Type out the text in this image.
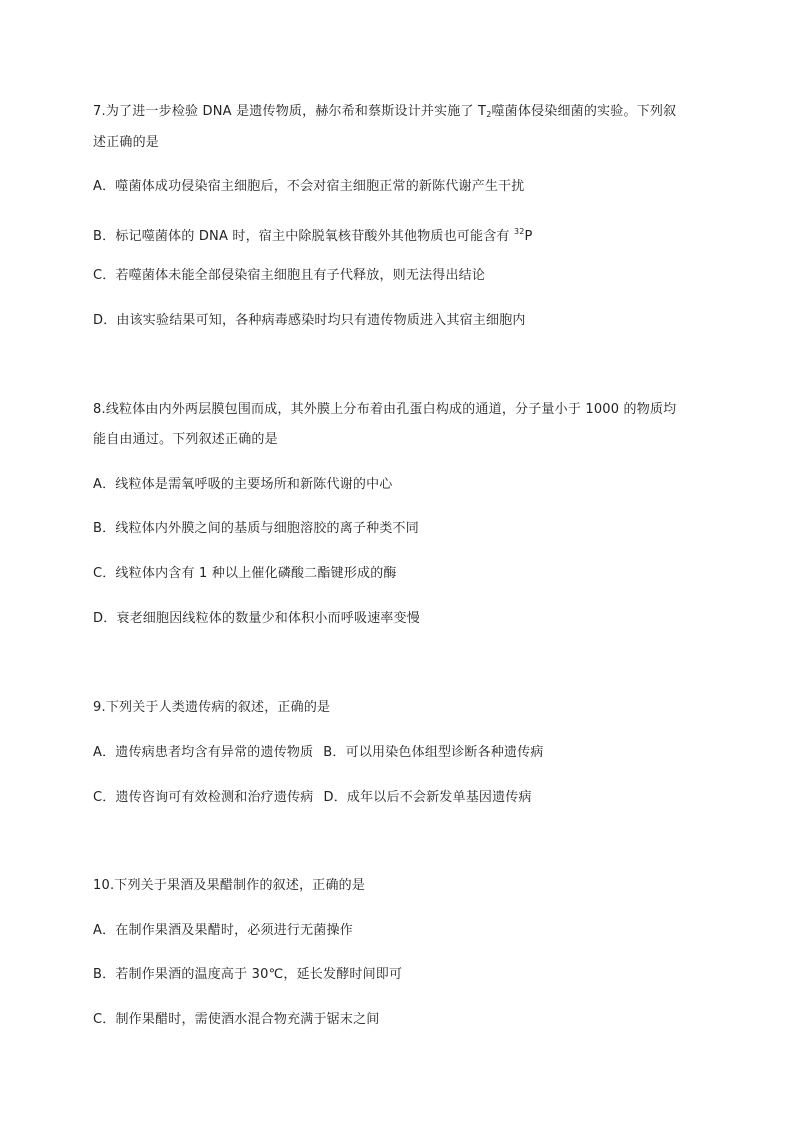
7.为了进一步检验 DNA 是遗传物质，赫尔希和蔡斯设计并实施了 $T_2$噬菌体侵染细菌的实验。下列叙
述正确的是
A．噬菌体成功侵染宿主细胞后，不会对宿主细胞正常的新陈代谢产生干扰
B．标记噬菌体的 DNA 时，宿主中除脱氧核苷酸外其他物质也可能含有 $^{32}$P
C．若噬菌体未能全部侵染宿主细胞且有子代释放，则无法得出结论
D．由该实验结果可知，各种病毒感染时均只有遗传物质进入其宿主细胞内
8.线粒体由内外两层膜包围而成，其外膜上分布着由孔蛋白构成的通道，分子量小于 1000 的物质均
能自由通过。下列叙述正确的是
A．线粒体是需氧呼吸的主要场所和新陈代谢的中心
B．线粒体内外膜之间的基质与细胞溶胶的离子种类不同
C．线粒体内含有 1 种以上催化磷酸二酯键形成的酶
D．衰老细胞因线粒体的数量少和体积小而呼吸速率变慢
9.下列关于人类遗传病的叙述，正确的是
A．遗传病患者均含有异常的遗传物质 B．可以用染色体组型诊断各种遗传病
C．遗传咨询可有效检测和治疗遗传病 D．成年以后不会新发单基因遗传病
10.下列关于果酒及果醋制作的叙述，正确的是
A．在制作果酒及果醋时，必须进行无菌操作
B．若制作果酒的温度高于 30℃，延长发酵时间即可
C．制作果醋时，需使酒水混合物充满于锯末之间
